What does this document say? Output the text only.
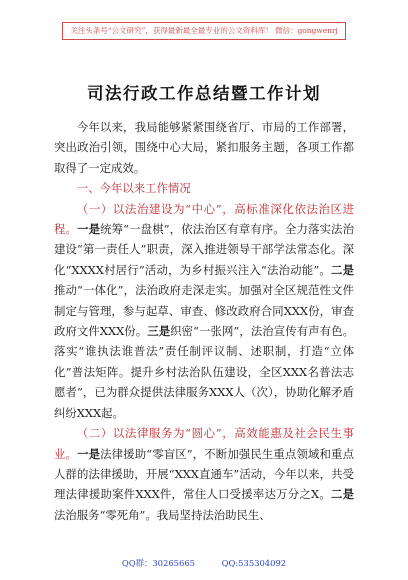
关注头条号“公文研究”，获得最新最全最专业的公文资料库！ 微信：gongwenrj
司法行政工作总结暨工作计划

今年以来，我局能够紧紧围绕省厅、市局的工作部署，突出政治引领，围绕中心大局，紧扣服务主题，各项工作都取得了一定成效。

一、今年以来工作情况

（一）以法治建设为“中心”，高标准深化依法治区进程。一是统筹“一盘棋”，依法治区有章有序。全力落实法治建设“第一责任人”职责，深入推进领导干部学法常态化。深化“XXXX村居行”活动，为乡村振兴注入“法治动能”。二是推动“一体化”，法治政府走深走实。加强对全区规范性文件制定与管理，参与起草、审查、修改政府合同XXX份，审查政府文件XXX份。三是织密“一张网”，法治宣传有声有色。落实“谁执法谁普法”责任制评议制、述职制，打造“立体化”普法矩阵。提升乡村法治队伍建设，全区XXX名普法志愿者”，已为群众提供法律服务XXX人（次），协助化解矛盾纠纷XXX起。

（二）以法律服务为“圆心”，高效能惠及社会民生事业。一是法律援助“零盲区”，不断加强民生重点领域和重点人群的法律援助，开展“XXX直通车”活动，今年以来，共受理法律援助案件XXX件，常住人口受援率达万分之X。二是法治服务“零死角”。我局坚持法治助民生、

QQ群：30265665          QQ:535304092
